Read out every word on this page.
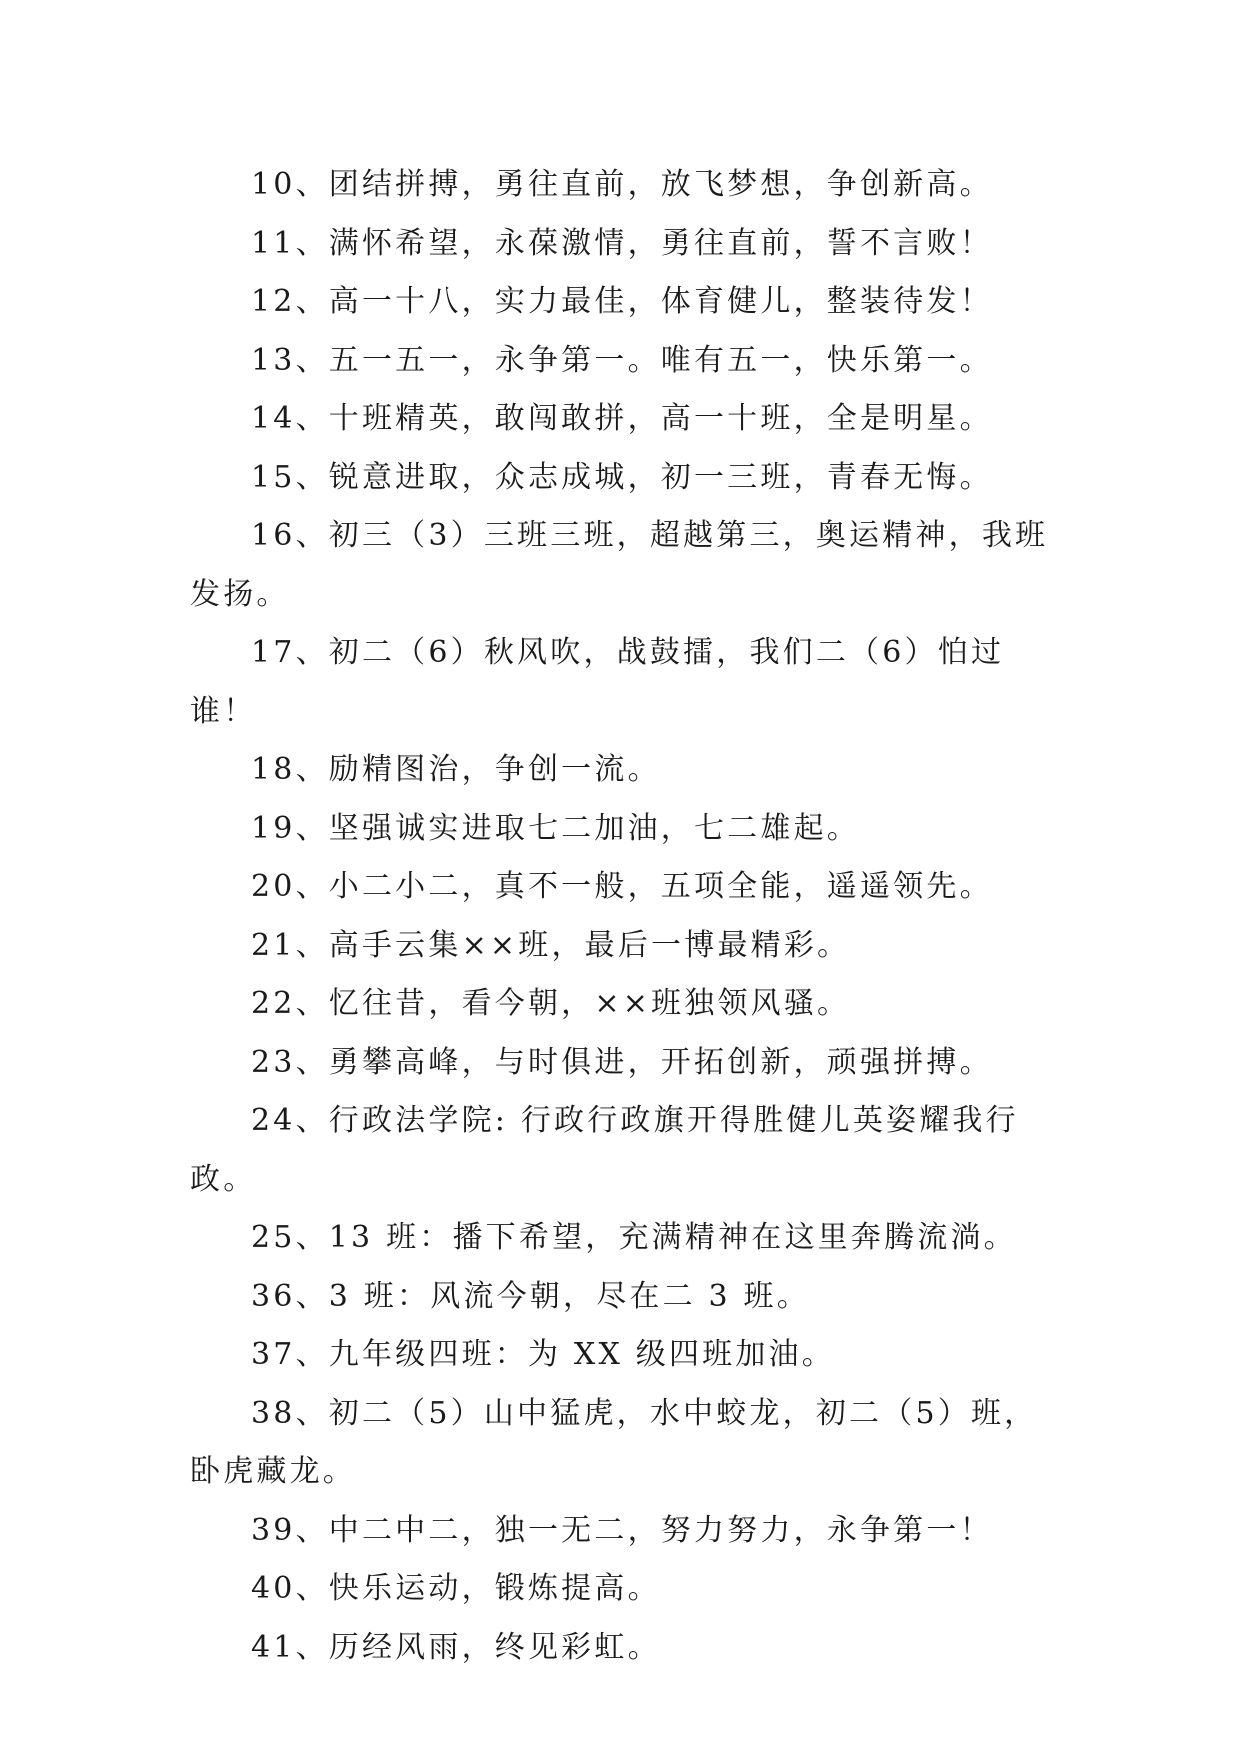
10、团结拼搏，勇往直前，放飞梦想，争创新高。

11、满怀希望，永葆激情，勇往直前，誓不言败！

12、高一十八，实力最佳，体育健儿，整装待发！

13、五一五一，永争第一。唯有五一，快乐第一。

14、十班精英，敢闯敢拼，高一十班，全是明星。

15、锐意进取，众志成城，初一三班，青春无悔。

16、初三（3）三班三班，超越第三，奥运精神，我班发扬。

17、初二（6）秋风吹，战鼓擂，我们二（6）怕过谁！

18、励精图治，争创一流。

19、坚强诚实进取七二加油，七二雄起。

20、小二小二，真不一般，五项全能，遥遥领先。

21、高手云集××班，最后一博最精彩。

22、忆往昔，看今朝，××班独领风骚。

23、勇攀高峰，与时俱进，开拓创新，顽强拼搏。

24、行政法学院: 行政行政旗开得胜健儿英姿耀我行政。

25、13 班：播下希望，充满精神在这里奔腾流淌。

36、3 班：风流今朝，尽在二 3 班。

37、九年级四班：为 XX 级四班加油。

38、初二（5）山中猛虎，水中蛟龙，初二（5）班，卧虎藏龙。

39、中二中二，独一无二，努力努力，永争第一！

40、快乐运动，锻炼提高。

41、历经风雨，终见彩虹。
